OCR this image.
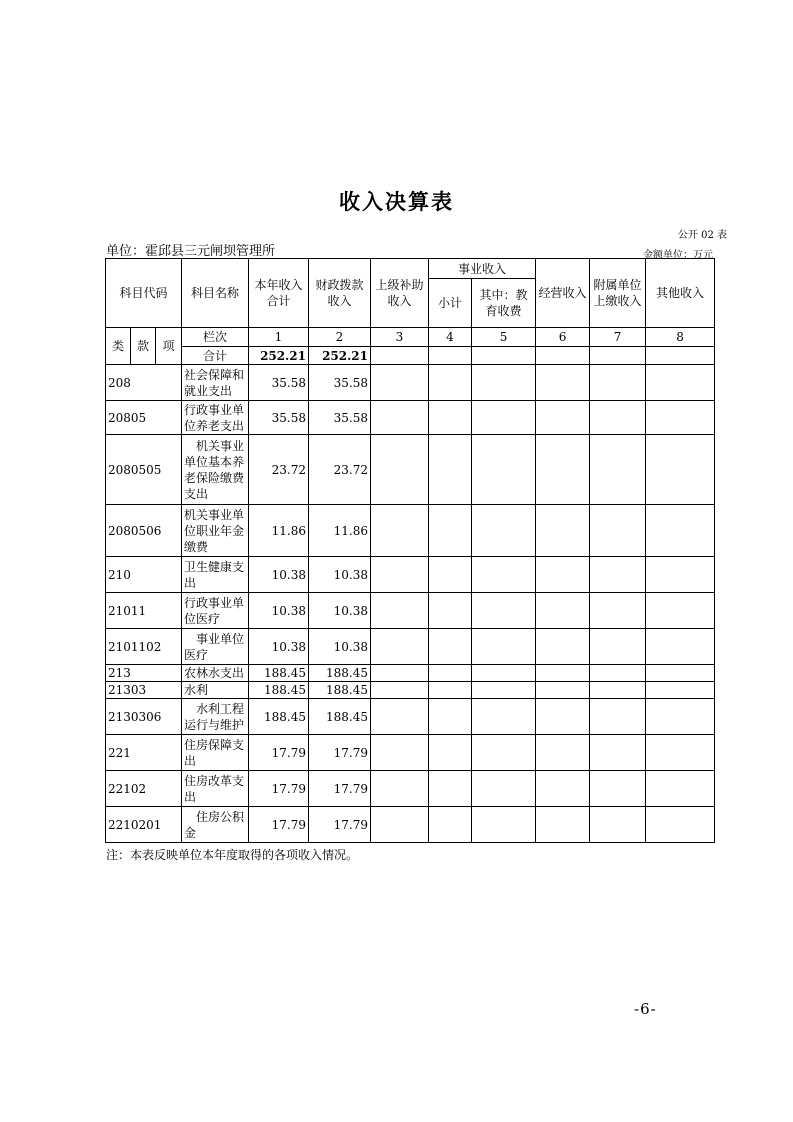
收入决算表
公开 02 表
单位：霍邱县三元闸坝管理所	金额单位：万元
科目代码			科目名称	本年收入合计	财政拨款收入	上级补助收入	事业收入		经营收入	附属单位上缴收入	其他收入
							小计	其中：教育收费			
类	款	项	栏次	1	2	3	4	5	6	7	8
			合计	252.21	252.21						
208			社会保障和就业支出	35.58	35.58						
20805			行政事业单位养老支出	35.58	35.58						
2080505			机关事业单位基本养老保险缴费支出	23.72	23.72						
2080506			机关事业单位职业年金缴费	11.86	11.86						
210			卫生健康支出	10.38	10.38						
21011			行政事业单位医疗	10.38	10.38						
2101102			事业单位医疗	10.38	10.38						
213			农林水支出	188.45	188.45						
21303			水利	188.45	188.45						
2130306			水利工程运行与维护	188.45	188.45						
221			住房保障支出	17.79	17.79						
22102			住房改革支出	17.79	17.79						
2210201			住房公积金	17.79	17.79						
注：本表反映单位本年度取得的各项收入情况。
-6-
